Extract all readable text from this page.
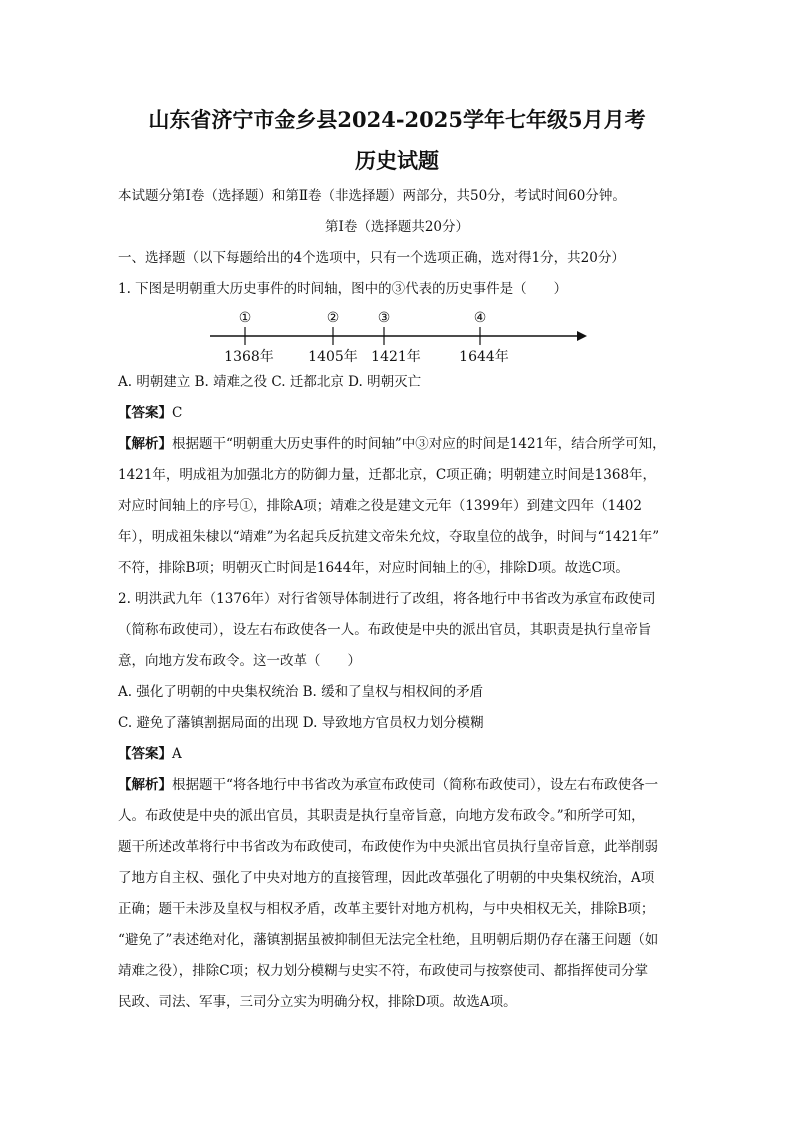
山东省济宁市金乡县2024-2025学年七年级5月月考
历史试题
本试题分第Ⅰ卷（选择题）和第Ⅱ卷（非选择题）两部分，共50分，考试时间60分钟。
第Ⅰ卷（选择题共20分）
一、选择题（以下每题给出的4个选项中，只有一个选项正确，选对得1分，共20分）
1. 下图是明朝重大历史事件的时间轴，图中的③代表的历史事件是（　　）
①	②	③	④
1368年 1405年 1421年	1644年
A. 明朝建立 B. 靖难之役 C. 迁都北京 D. 明朝灭亡
【答案】C
【解析】根据题干“明朝重大历史事件的时间轴”中③对应的时间是1421年，结合所学可知，
1421年，明成祖为加强北方的防御力量，迁都北京，C项正确；明朝建立时间是1368年，
对应时间轴上的序号①，排除A项；靖难之役是建文元年（1399年）到建文四年（1402
年），明成祖朱棣以“靖难”为名起兵反抗建文帝朱允炆，夺取皇位的战争，时间与“1421年”
不符，排除B项；明朝灭亡时间是1644年，对应时间轴上的④，排除D项。故选C项。
2. 明洪武九年（1376年）对行省领导体制进行了改组，将各地行中书省改为承宣布政使司
（简称布政使司），设左右布政使各一人。布政使是中央的派出官员，其职责是执行皇帝旨
意，向地方发布政令。这一改革（　　）
A. 强化了明朝的中央集权统治 B. 缓和了皇权与相权间的矛盾
C. 避免了藩镇割据局面的出现 D. 导致地方官员权力划分模糊
【答案】A
【解析】根据题干“将各地行中书省改为承宣布政使司（简称布政使司），设左右布政使各一
人。布政使是中央的派出官员，其职责是执行皇帝旨意，向地方发布政令。”和所学可知，
题干所述改革将行中书省改为布政使司，布政使作为中央派出官员执行皇帝旨意，此举削弱
了地方自主权、强化了中央对地方的直接管理，因此改革强化了明朝的中央集权统治，A项
正确；题干未涉及皇权与相权矛盾，改革主要针对地方机构，与中央相权无关，排除B项；
“避免了”表述绝对化，藩镇割据虽被抑制但无法完全杜绝，且明朝后期仍存在藩王问题（如
靖难之役），排除C项；权力划分模糊与史实不符，布政使司与按察使司、都指挥使司分掌
民政、司法、军事，三司分立实为明确分权，排除D项。故选A项。
